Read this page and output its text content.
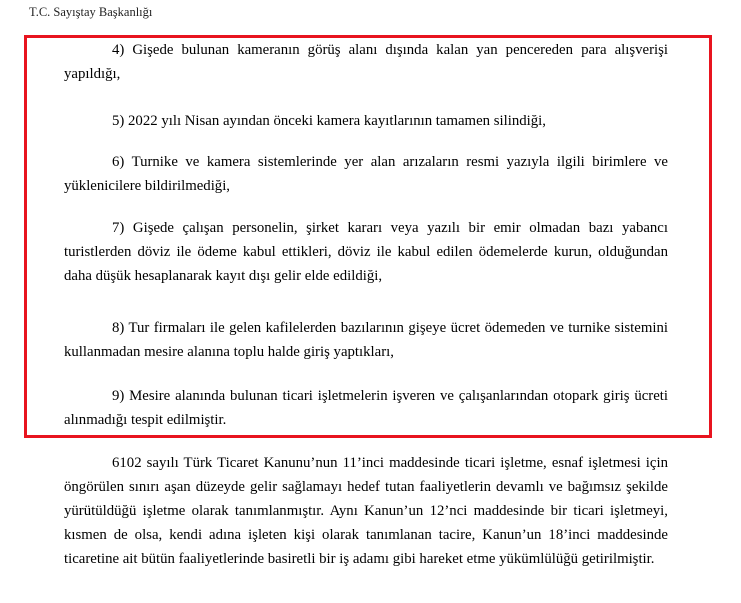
T.C. Sayıştay Başkanlığı

4) Gişede bulunan kameranın görüş alanı dışında kalan yan pencereden para alışverişi yapıldığı,

5) 2022 yılı Nisan ayından önceki kamera kayıtlarının tamamen silindiği,

6) Turnike ve kamera sistemlerinde yer alan arızaların resmi yazıyla ilgili birimlere ve yüklenicilere bildirilmediği,

7) Gişede çalışan personelin, şirket kararı veya yazılı bir emir olmadan bazı yabancı turistlerden döviz ile ödeme kabul ettikleri, döviz ile kabul edilen ödemelerde kurun, olduğundan daha düşük hesaplanarak kayıt dışı gelir elde edildiği,

8) Tur firmaları ile gelen kafilelerden bazılarının gişeye ücret ödemeden ve turnike sistemini kullanmadan mesire alanına toplu halde giriş yaptıkları,

9) Mesire alanında bulunan ticari işletmelerin işveren ve çalışanlarından otopark giriş ücreti alınmadığı tespit edilmiştir.

6102 sayılı Türk Ticaret Kanunu’nun 11’inci maddesinde ticari işletme, esnaf işletmesi için öngörülen sınırı aşan düzeyde gelir sağlamayı hedef tutan faaliyetlerin devamlı ve bağımsız şekilde yürütüldüğü işletme olarak tanımlanmıştır. Aynı Kanun’un 12’nci maddesinde bir ticari işletmeyi, kısmen de olsa, kendi adına işleten kişi olarak tanımlanan tacire, Kanun’un 18’inci maddesinde ticaretine ait bütün faaliyetlerinde basiretli bir iş adamı gibi hareket etme yükümlülüğü getirilmiştir.
